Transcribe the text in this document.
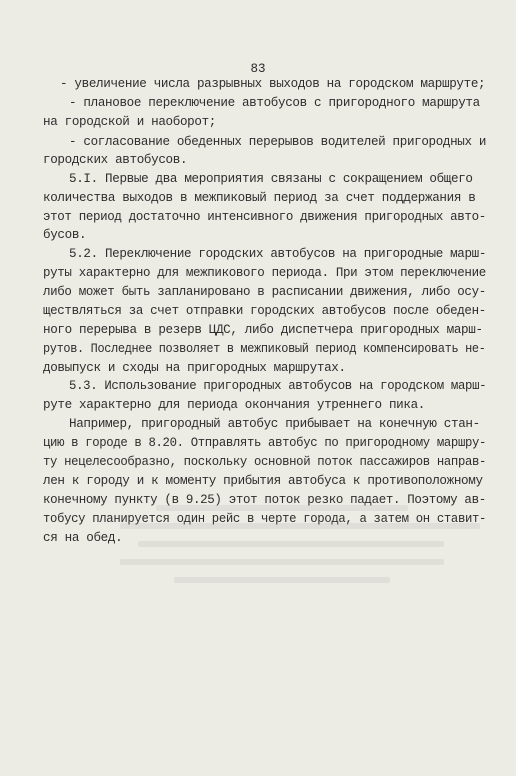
83
- увеличение числа разрывных выходов на городском маршруте;
- плановое переключение автобусов с пригородного маршрута
на городской и наоборот;
- согласование обеденных перерывов водителей пригородных и
городских автобусов.
5.I. Первые два мероприятия связаны с сокращением общего
количества выходов в межпиковый период за счет поддержания в
этот период достаточно интенсивного движения пригородных авто-
бусов.
5.2. Переключение городских автобусов на пригородные марш-
руты характерно для межпикового периода. При этом переключение
либо может быть запланировано в расписании движения, либо осу-
ществляться за счет отправки городских автобусов после обеден-
ного перерыва в резерв ЦДС, либо диспетчера пригородных марш-
рутов. Последнее позволяет в межпиковый период компенсировать не-
довыпуск и сходы на пригородных маршрутах.
5.3. Использование пригородных автобусов на городском марш-
руте характерно для периода окончания утреннего пика.
Например, пригородный автобус прибывает на конечную стан-
цию в городе в 8.20. Отправлять автобус по пригородному маршру-
ту нецелесообразно, поскольку основной поток пассажиров направ-
лен к городу и к моменту прибытия автобуса к противоположному
конечному пункту (в 9.25) этот поток резко падает. Поэтому ав-
тобусу планируется один рейс в черте города, а затем он ставит-
ся на обед.
